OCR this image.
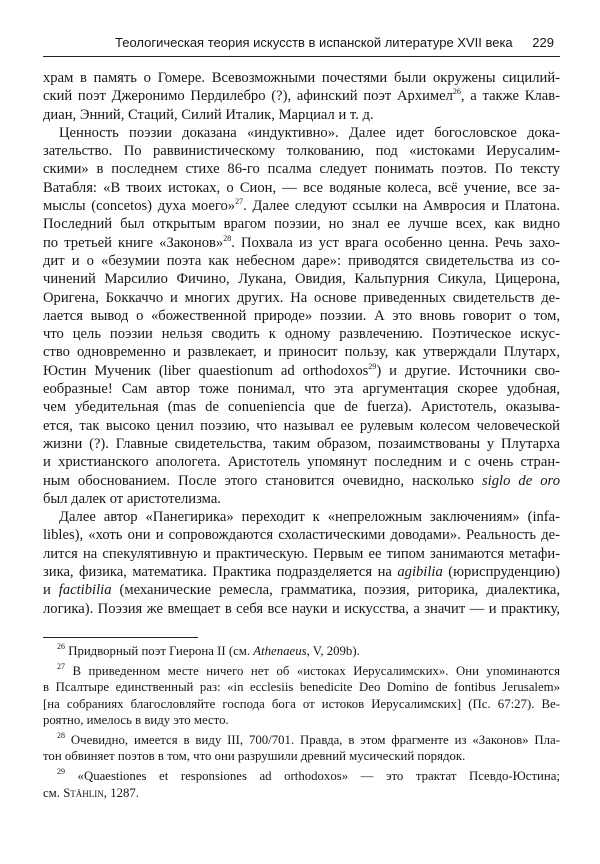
Теологическая теория искусств в испанской литературе XVII века 229
храм в память о Гомере. Всевозможными почестями были окружены сицилий-
ский поэт Джеронимо Пердилебро (?), афинский поэт Архимел$^{26}$, а также Клав-
диан, Энний, Стаций, Силий Италик, Марциал и т. д.
Ценность поэзии доказана «индуктивно». Далее идет богословское дока-
зательство. По раввинистическому толкованию, под «истоками Иерусалим-
скими» в последнем стихе 86-го псалма следует понимать поэтов. По тексту
Ватабля: «В твоих истоках, о Сион, — все водяные колеса, всё учение, все за-
мыслы (concetos) духа моего»$^{27}$. Далее следуют ссылки на Амвросия и Платона.
Последний был открытым врагом поэзии, но знал ее лучше всех, как видно
по третьей книге «Законов»$^{28}$. Похвала из уст врага особенно ценна. Речь захо-
дит и о «безумии поэта как небесном даре»: приводятся свидетельства из со-
чинений Марсилио Фичино, Лукана, Овидия, Кальпурния Сикула, Цицерона,
Оригена, Боккаччо и многих других. На основе приведенных свидетельств де-
лается вывод о «божественной природе» поэзии. А это вновь говорит о том,
что цель поэзии нельзя сводить к одному развлечению. Поэтическое искус-
ство одновременно и развлекает, и приносит пользу, как утверждали Плутарх,
Юстин Мученик (liber quaestionum ad orthodoxos$^{29}$) и другие. Источники сво-
еобразные! Сам автор тоже понимал, что эта аргументация скорее удобная,
чем убедительная (mas de conueniencia que de fuerza). Аристотель, оказыва-
ется, так высоко ценил поэзию, что называл ее рулевым колесом человеческой
жизни (?). Главные свидетельства, таким образом, позаимствованы у Плутарха
и христианского апологета. Аристотель упомянут последним и с очень стран-
ным обоснованием. После этого становится очевидно, насколько siglo de oro
был далек от аристотелизма.
Далее автор «Панегирика» переходит к «непреложным заключениям» (infa-
libles), «хоть они и сопровождаются схоластическими доводами». Реальность де-
лится на спекулятивную и практическую. Первым ее типом занимаются метафи-
зика, физика, математика. Практика подразделяется на agibilia (юриспруденцию)
и factibilia (механические ремесла, грамматика, поэзия, риторика, диалектика,
логика). Поэзия же вмещает в себя все науки и искусства, а значит — и практику,
$^{26}$ Придворный поэт Гиерона II (см. Athenaeus, V, 209b).
$^{27}$ В приведенном месте ничего нет об «истоках Иерусалимских». Они упоминаются
в Псалтыре единственный раз: «in ecclesiis benedicite Deo Domino de fontibus Jerusalem»
[на собраниях благословляйте господа бога от истоков Иерусалимских] (Пс. 67:27). Ве-
роятно, имелось в виду это место.
$^{28}$ Очевидно, имеется в виду III, 700/701. Правда, в этом фрагменте из «Законов» Пла-
тон обвиняет поэтов в том, что они разрушили древний мусический порядок.
$^{29}$ «Quaestiones et responsiones ad orthodoxos» — это трактат Псевдо-Юстина;
см. Stählin, 1287.
